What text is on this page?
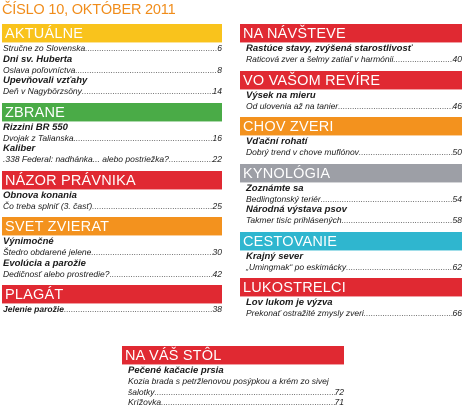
ČÍSLO 10, OKTÓBER 2011
AKTUÁLNE
Stručne zo Slovenska .....	6
Dni sv. Huberta
Oslava poľovníctva .....	8
Upevňovali vzťahy
Deň v Nagybörzsöny .....	14
ZBRANE
Rizzini BR 550
Dvojak z Talianska .....	16
Kaliber
.338 Federal: nadhánka... alebo postriežka? .....	22
NÁZOR PRÁVNIKA
Obnova konania
Čo treba splniť (3. časť) .....	25
SVET ZVIERAT
Výnimočné
Štedro obdarené jelene .....	30
Evolúcia a parožie
Dedičnosť alebo prostredie? .....	42
PLAGÁT
Jelenie parožie .....	38
NA NÁVŠTEVE
Rastúce stavy, zvýšená starostlivosť
Raticová zver a šelmy zatiaľ v harmónii .....	40
VO VAŠOM REVÍRE
Výsek na mieru
Od ulovenia až na tanier .....	46
CHOV ZVERI
Vďační rohatí
Dobrý trend v chove muflónov .....	50
KYNOLÓGIA
Zoznámte sa
Bedlingtonský teriér .....	54
Národná výstava psov
Takmer tisíc prihlásených .....	58
CESTOVANIE
Krajný sever
„Umingmak“ po eskimácky .....	62
LUKOSTRELCI
Lov lukom je výzva
Prekonať ostražité zmysly zveri .....	66
NA VÁŠ STÔL
Pečené kačacie prsia
Kozia brada s petržlenovou posýpkou a krém zo sivej
šalotky .....	72
Krížovka .....	71
